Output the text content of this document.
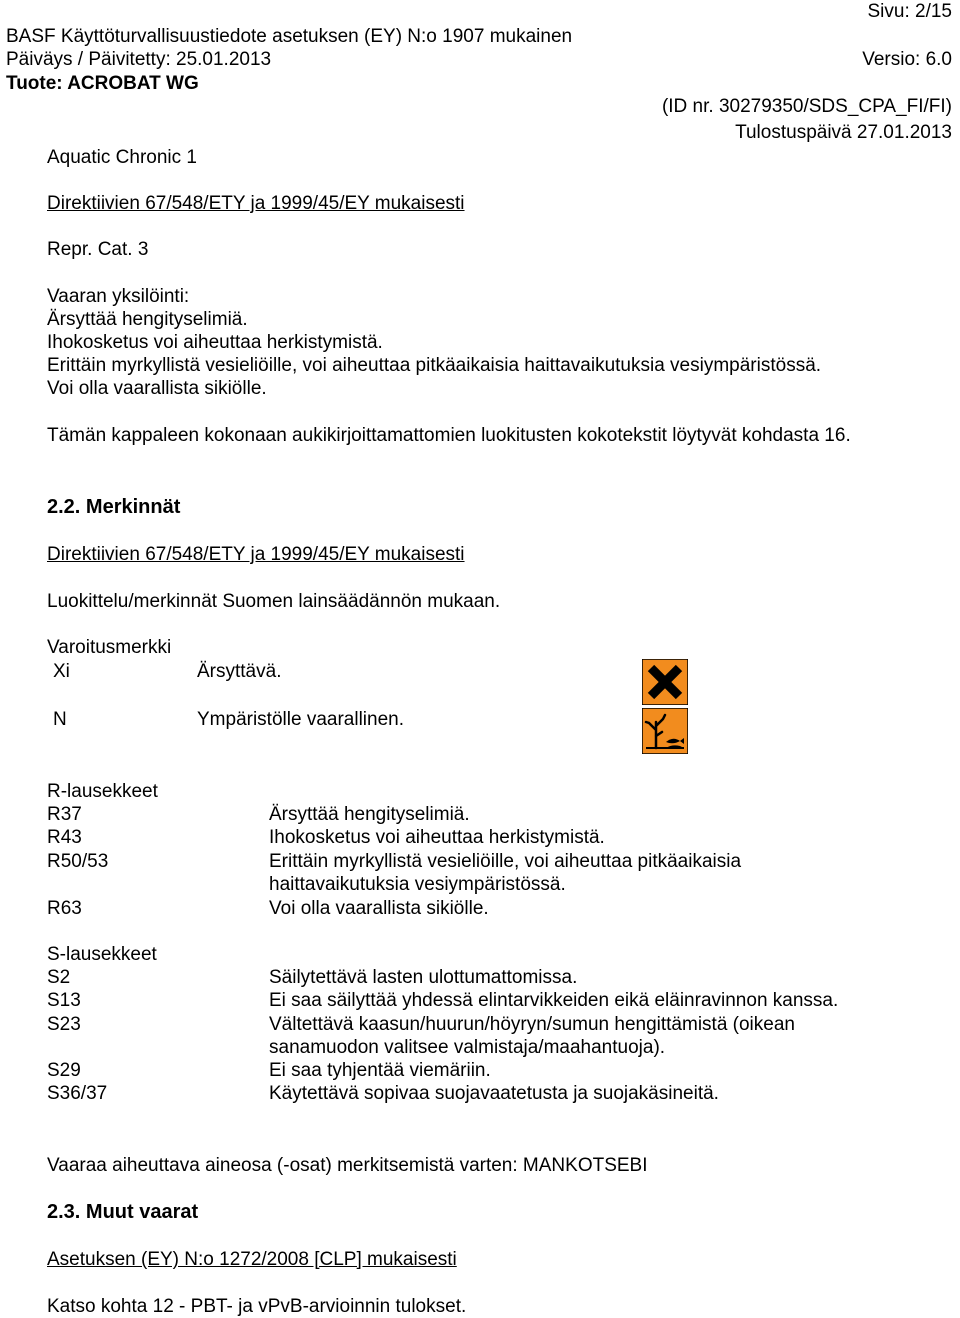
Sivu: 2/15
BASF Käyttöturvallisuustiedote asetuksen (EY) N:o 1907 mukainen
Päiväys / Päivitetty: 25.01.2013	Versio: 6.0
Tuote: ACROBAT WG
(ID nr. 30279350/SDS_CPA_FI/FI)
Tulostuspäivä 27.01.2013
Aquatic Chronic 1
Direktiivien 67/548/ETY ja 1999/45/EY mukaisesti
Repr. Cat. 3
Vaaran yksilöinti:
Ärsyttää hengityselimiä.
Ihokosketus voi aiheuttaa herkistymistä.
Erittäin myrkyllistä vesieliöille, voi aiheuttaa pitkäaikaisia haittavaikutuksia vesiympäristössä.
Voi olla vaarallista sikiölle.
Tämän kappaleen kokonaan aukikirjoittamattomien luokitusten kokotekstit löytyvät kohdasta 16.
2.2. Merkinnät
Direktiivien 67/548/ETY ja 1999/45/EY mukaisesti
Luokittelu/merkinnät Suomen lainsäädännön mukaan.
Varoitusmerkki
Xi	Ärsyttävä.
N	Ympäristölle vaarallinen.
R-lausekkeet
R37	Ärsyttää hengityselimiä.
R43	Ihokosketus voi aiheuttaa herkistymistä.
R50/53	Erittäin myrkyllistä vesieliöille, voi aiheuttaa pitkäaikaisia
haittavaikutuksia vesiympäristössä.
R63	Voi olla vaarallista sikiölle.
S-lausekkeet
S2	Säilytettävä lasten ulottumattomissa.
S13	Ei saa säilyttää yhdessä elintarvikkeiden eikä eläinravinnon kanssa.
S23	Vältettävä kaasun/huurun/höyryn/sumun hengittämistä (oikean
sanamuodon valitsee valmistaja/maahantuoja).
S29	Ei saa tyhjentää viemäriin.
S36/37	Käytettävä sopivaa suojavaatetusta ja suojakäsineitä.
Vaaraa aiheuttava aineosa (-osat) merkitsemistä varten: MANKOTSEBI
2.3. Muut vaarat
Asetuksen (EY) N:o 1272/2008 [CLP] mukaisesti
Katso kohta 12 - PBT- ja vPvB-arvioinnin tulokset.
